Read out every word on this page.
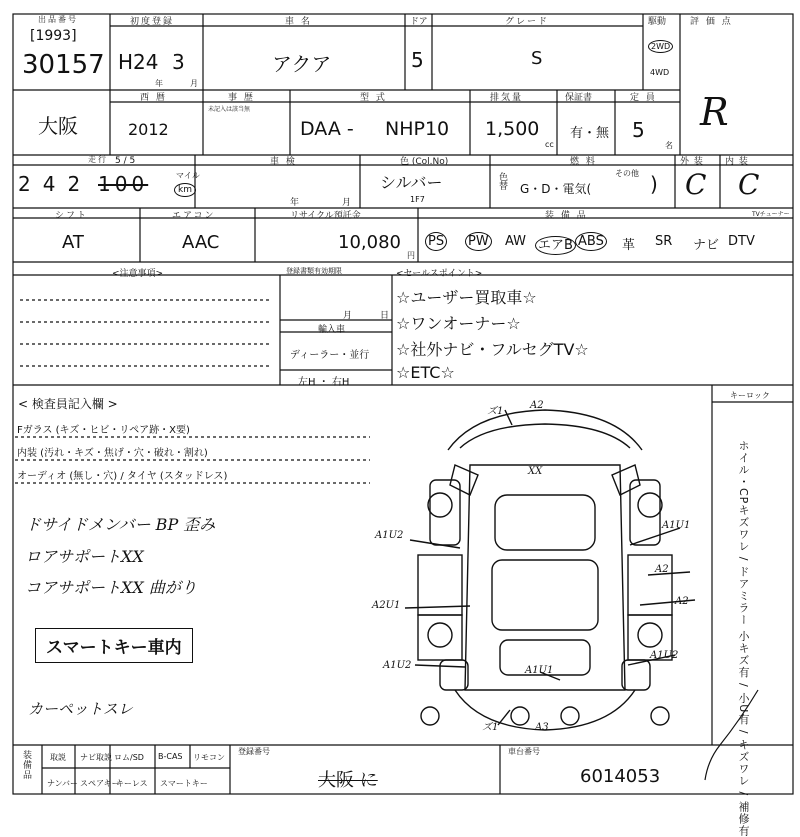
出品番号
[1993]
30157
初度登録
H24 3
年	月
車 名
アクア
ドア
5
グレード
S
駆動
2WD
4WD
評 価 点
R
大阪
西 暦
2012
事 歴
未記入は該当無
型 式
DAA - NHP10
排気量
1,500
cc
保証書
有・無
定 員
5
名
走行 5 / 5
242 100	マイル
km
車 検
年	月
色 (Col.No)
シルバー
1F7
色替
燃 料
G・D・電気(
その他 )
外 装
C
内 装
C
シフト
AT
エアコン
AAC
リサイクル預託金
10,080
円
装 備 品	TVチューナー
PS PW AW エアB ABS 革 SR ナビ DTV
<注意事項>	登録書類有効期限
月	日
輸入車
ディーラー・並行
左H ・ 右H
<セールスポイント>
☆ユーザー買取車☆
☆ワンオーナー☆
☆社外ナビ・フルセグTV☆
☆ETC☆
キーロック
< 検査員記入欄 >
Fガラス (キズ・ヒビ・リペア跡・X要)
内装 (汚れ・キズ・焦げ・穴・破れ・割れ)
オーディオ (無し・穴) / タイヤ (スタッドレス)
ドサイドメンバー BP 歪み
ロアサポートXX
コアサポートXX 曲がり
スマートキー車内
カーペットスレ	ホイル・CPキズワレ / ドアミラー 小キズ有 / 小U有 / キズワレ / 補修有
A2
ズ1
XX
A1U2
A1U1
A2
A2U1	A2
A1U2	A1U1
A1U2
A3
ズ1
装備品 取説 ナビ取説 ロム/SD B-CAS リモコン
ナンバー スペアキー
キーレス スマートキー
登録番号
大阪 に
車台番号
6014053
